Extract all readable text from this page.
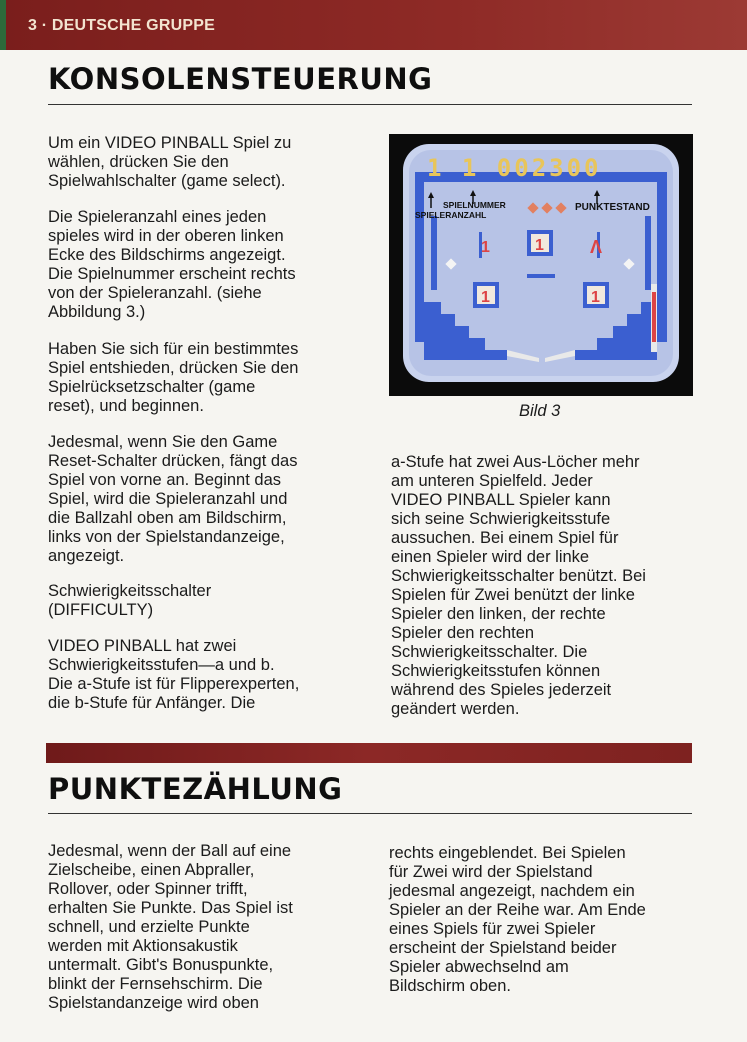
3 · DEUTSCHE GRUPPE
KONSOLENSTEUERUNG

Um ein VIDEO PINBALL Spiel zu
wählen, drücken Sie den
Spielwahlschalter (game select).

Die Spieleranzahl eines jeden
spieles wird in der oberen linken
Ecke des Bildschirms angezeigt.
Die Spielnummer erscheint rechts
von der Spieleranzahl. (siehe
Abbildung 3.)

Haben Sie sich für ein bestimmtes
Spiel entshieden, drücken Sie den
Spielrücksetzschalter (game
reset), und beginnen.

Jedesmal, wenn Sie den Game
Reset-Schalter drücken, fängt das
Spiel von vorne an. Beginnt das
Spiel, wird die Spieleranzahl und
die Ballzahl oben am Bildschirm,
links von der Spielstandanzeige,
angezeigt.

Schwierigkeitsschalter
(DIFFICULTY)

VIDEO PINBALL hat zwei
Schwierigkeitsstufen—a und b.
Die a-Stufe ist für Flipperexperten,
die b-Stufe für Anfänger. Die

a-Stufe hat zwei Aus-Löcher mehr
am unteren Spielfeld. Jeder
VIDEO PINBALL Spieler kann
sich seine Schwierigkeitsstufe
aussuchen. Bei einem Spiel für
einen Spieler wird der linke
Schwierigkeitsschalter benützt. Bei
Spielen für Zwei benützt der linke
Spieler den linken, der rechte
Spieler den rechten
Schwierigkeitsschalter. Die
Schwierigkeitsstufen können
während des Spieles jederzeit
geändert werden.

Ʌ
1
1	1
1
1 1 002300
SPIELNUMMER
SPIELERANZAHL
PUNKTESTAND
Bild 3
PUNKTEZÄHLUNG

Jedesmal, wenn der Ball auf eine
Zielscheibe, einen Abpraller,
Rollover, oder Spinner trifft,
erhalten Sie Punkte. Das Spiel ist
schnell, und erzielte Punkte
werden mit Aktionsakustik
untermalt. Gibt's Bonuspunkte,
blinkt der Fernsehschirm. Die
Spielstandanzeige wird oben

rechts eingeblendet. Bei Spielen
für Zwei wird der Spielstand
jedesmal angezeigt, nachdem ein
Spieler an der Reihe war. Am Ende
eines Spiels für zwei Spieler
erscheint der Spielstand beider
Spieler abwechselnd am
Bildschirm oben.
